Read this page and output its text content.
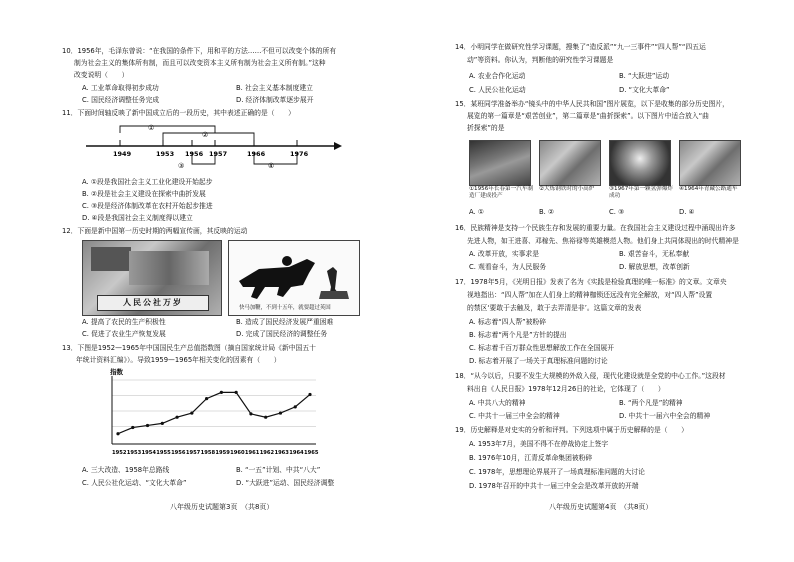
10．1956年，毛泽东曾说：“在我国的条件下，用和平的方法……不但可以改变个体的所有
制为社会主义的集体所有制，而且可以改变资本主义所有制为社会主义所有制。”这种
改变说明（　　）
A. 工业革命取得初步成功	B. 社会主义基本制度建立
C. 国民经济调整任务完成	D. 经济体制改革逐步展开
11．下面时间轴反映了新中国成立后的一段历史，其中表述正确的是（　　）
1949	1953 1956 1957	1966	1976
①
②
③	④
A. ①段是我国社会主义工业化建设开始起步
B. ②段是社会主义建设在探索中曲折发展
C. ③段是经济体制改革在农村开始起步推进
D. ④段是我国社会主义制度得以建立
12．下面是新中国第一历史时期的两幅宣传画，其反映的运动
人民公社万岁
快马加鞭，不到十五年，就要超过英国
A. 提高了农民的生产积极性	B. 造成了国民经济发展严重困难
C. 促进了农业生产恢复发展	D. 完成了国民经济的调整任务
13．下图是1952—1965年中国国民生产总值指数图（摘自国家统计局《新中国五十
年统计资料汇编》）。导致1959—1965年相关变化的因素有（　　）
指数
1952 1953 1954 1955 1956 1957 1958 1959 1960 1961 1962 1963 1964 1965
A. 三大改造、1958年总路线	B. “一五”计划、中共“八大”
C. 人民公社化运动、“文化大革命”	D. “大跃进”运动、国民经济调整
八年级历史试题第3页　（共8页）
14．小明同学在做研究性学习课题，搜集了“造反派”“九一三事件”“四人帮”“四五运
动”等资料。你认为，判断他的研究性学习课题是
A. 农业合作化运动	B. “大跃进”运动
C. 人民公社化运动	D. “文化大革命”
15．某班同学准备举办“镜头中的中华人民共和国”图片展览，以下是收集的部分历史图片，
展览的第一篇章是“艰苦创业”，第二篇章是“曲折探索”。以下图片中适合放入“曲
折探索”的是
①1956年长春第一汽车制造厂建成投产
②大炼钢铁时的小高炉	③1967年第一颗氢弹爆炸成功
④1964年青藏公路通车
A. ①	B. ②	C. ③	D. ④
16．民族精神是支持一个民族生存和发展的重要力量。在我国社会主义建设过程中涌现出许多
先进人物，如王进喜、邓稼先、焦裕禄等英雄模范人物。他们身上共同体现出的时代精神是
A. 改革开放，实事求是	B. 艰苦奋斗，无私奉献
C. 观看奋斗，为人民服务	D. 解放思想，改革创新
17．1978年5月，《光明日报》发表了名为《实践是检验真理的唯一标准》的文章。文章央
视地指出：“四人帮”加在人们身上的精神枷锁还远没有完全解放，对“四人帮”设置
的禁区‘要敢于去触及，敢于去弄清是非’。这篇文章的发表
A. 标志着“四人帮”被粉碎
B. 标志着“两个凡是”方针的提出
C. 标志着千百万群众性思想解放工作在全国展开
D. 标志着开展了一场关于真理标准问题的讨论
18．“从今以后，只要不发生大规模的外敌入侵，现代化建设就是全党的中心工作。”这段材
料出自《人民日报》1978年12月26日的社论，它体现了（　　）
A. 中共八大的精神	B. “两个凡是”的精神
C. 中共十一届三中全会的精神	D. 中共十一届六中全会的精神
19．历史解释是对史实的分析和评判。下列选项中属于历史解释的是（　　）
A. 1953年7月，美国不得不在停战协定上签字
B. 1976年10月，江青反革命集团被粉碎
C. 1978年，思想理论界展开了一场真理标准问题的大讨论
D. 1978年召开的中共十一届三中全会是改革开放的开端
八年级历史试题第4页　（共8页）
